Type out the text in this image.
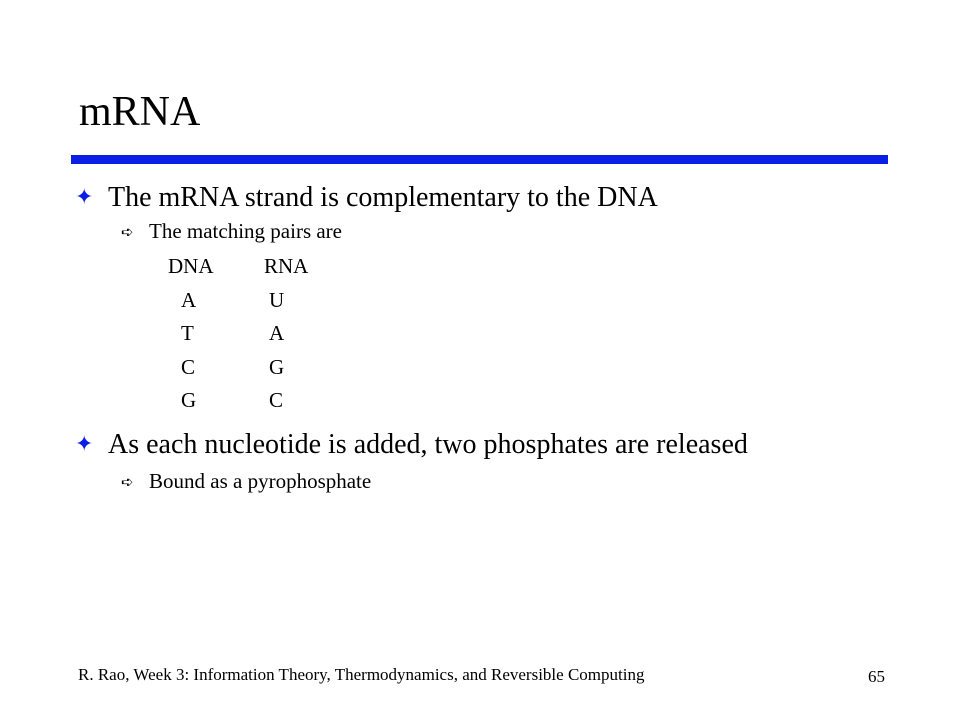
mRNA
✦ The mRNA strand is complementary to the DNA
➪ The matching pairs are
DNA RNA
A	U
T	A
C	G
G	C
✦ As each nucleotide is added, two phosphates are released
➪ Bound as a pyrophosphate
R. Rao, Week 3: Information Theory, Thermodynamics, and Reversible Computing	65
